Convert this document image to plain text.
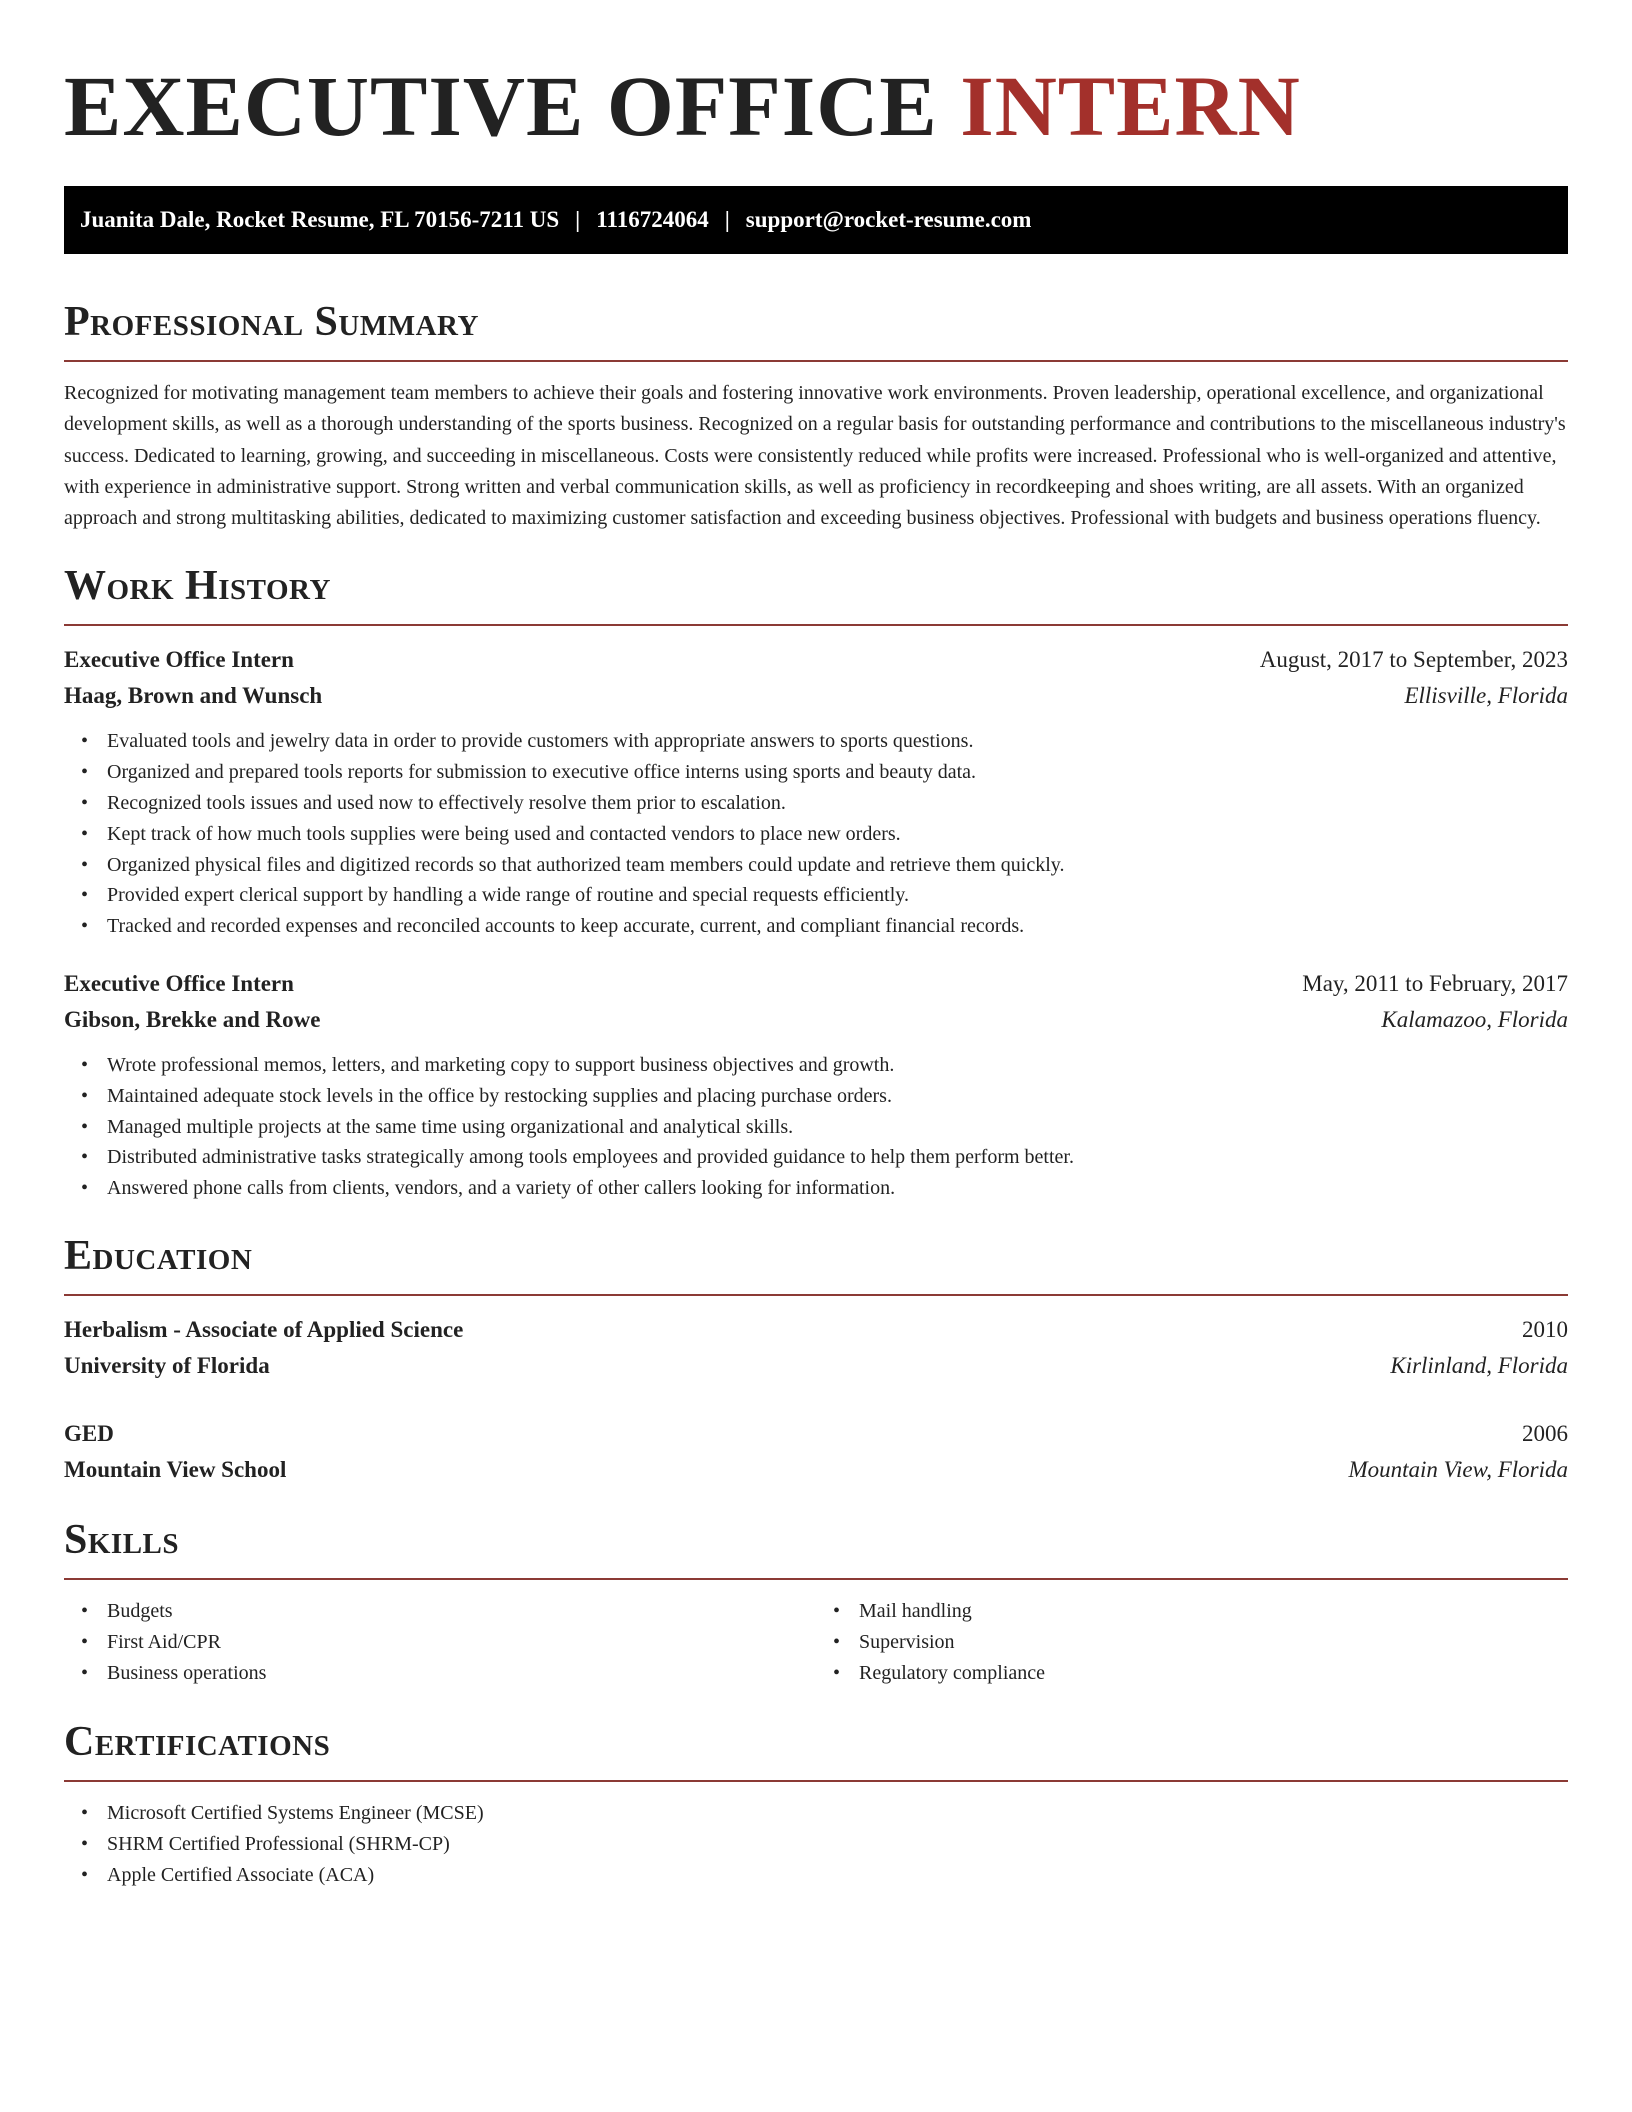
EXECUTIVE OFFICE INTERN
Juanita Dale, Rocket Resume, FL 70156-7211 US | 1116724064 | support@rocket-resume.com
Professional Summary

Recognized for motivating management team members to achieve their goals and fostering innovative work environments. Proven leadership, operational excellence, and organizational development skills, as well as a thorough understanding of the sports business. Recognized on a regular basis for outstanding performance and contributions to the miscellaneous industry's success. Dedicated to learning, growing, and succeeding in miscellaneous. Costs were consistently reduced while profits were increased. Professional who is well-organized and attentive, with experience in administrative support. Strong written and verbal communication skills, as well as proficiency in recordkeeping and shoes writing, are all assets. With an organized approach and strong multitasking abilities, dedicated to maximizing customer satisfaction and exceeding business objectives. Professional with budgets and business operations fluency.

Work History
Executive Office Intern	August, 2017 to September, 2023
Haag, Brown and Wunsch	Ellisville, Florida
• Evaluated tools and jewelry data in order to provide customers with appropriate answers to sports questions.
• Organized and prepared tools reports for submission to executive office interns using sports and beauty data.
• Recognized tools issues and used now to effectively resolve them prior to escalation.
• Kept track of how much tools supplies were being used and contacted vendors to place new orders.
• Organized physical files and digitized records so that authorized team members could update and retrieve them quickly.
• Provided expert clerical support by handling a wide range of routine and special requests efficiently.
• Tracked and recorded expenses and reconciled accounts to keep accurate, current, and compliant financial records.
Executive Office Intern	May, 2011 to February, 2017
Gibson, Brekke and Rowe	Kalamazoo, Florida
• Wrote professional memos, letters, and marketing copy to support business objectives and growth.
• Maintained adequate stock levels in the office by restocking supplies and placing purchase orders.
• Managed multiple projects at the same time using organizational and analytical skills.
• Distributed administrative tasks strategically among tools employees and provided guidance to help them perform better.
• Answered phone calls from clients, vendors, and a variety of other callers looking for information.
Education
Herbalism - Associate of Applied Science	2010
University of Florida	Kirlinland, Florida
GED	2006
Mountain View School	Mountain View, Florida
Skills
• Budgets
• First Aid/CPR
• Business operations
• Mail handling
• Supervision
• Regulatory compliance
Certifications
• Microsoft Certified Systems Engineer (MCSE)
• SHRM Certified Professional (SHRM-CP)
• Apple Certified Associate (ACA)
